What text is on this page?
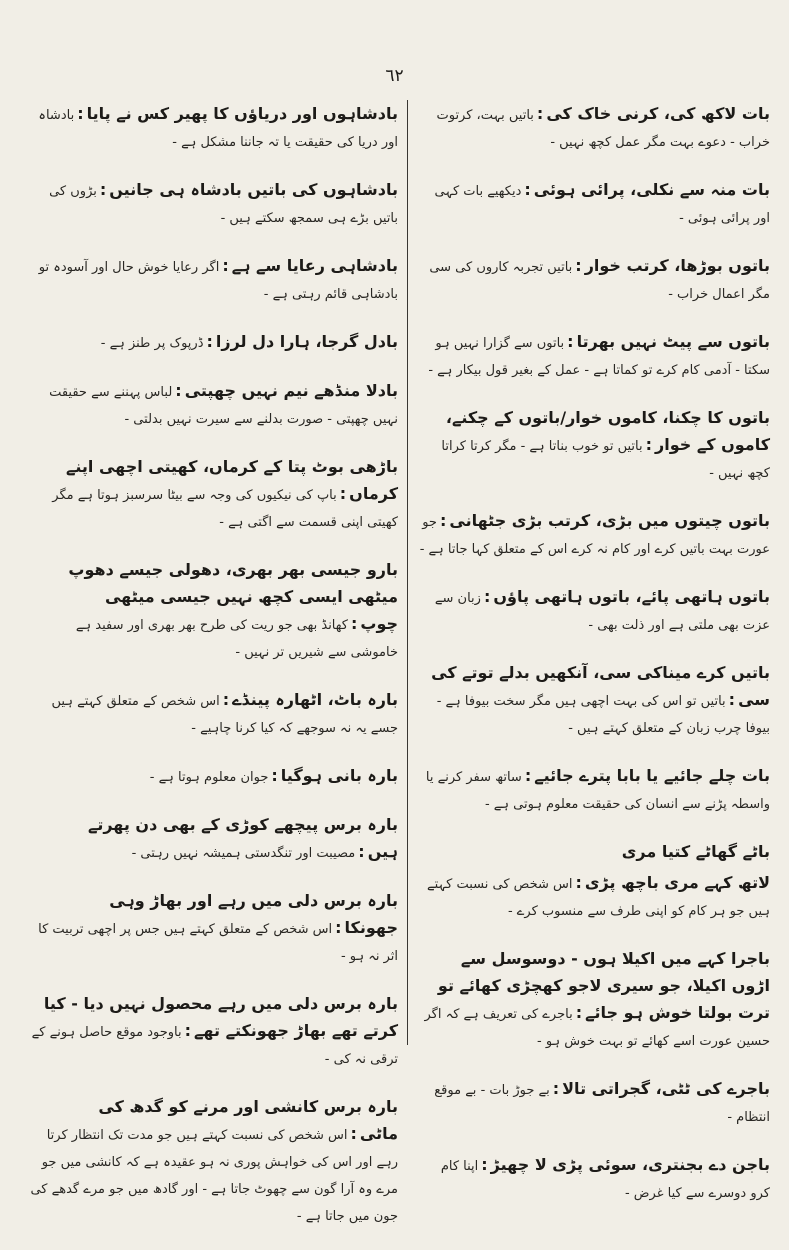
٦٢

بات لاکھ کی، کرنی خاک کی:باتیں بہت، کرتوت خراب - دعوے بہت مگر عمل کچھ نہیں -

بات منہ سے نکلی، پرائی ہوئی:دیکھیے بات کہی اور پرائی ہوئی -

باتوں بوڑھا، کرتب خوار:باتیں تجربہ کاروں کی سی مگر اعمال خراب -

باتوں سے پیٹ نہیں بھرتا:باتوں سے گزارا نہیں ہو سکتا - آدمی کام کرے تو کماتا ہے - عمل کے بغیر قول بیکار ہے -

باتوں کا چکنا، کاموں خوار/باتوں کے چکنے، کاموں کے خوار:باتیں تو خوب بناتا ہے - مگر کرتا کراتا کچھ نہیں -

باتوں چیتوں میں بڑی، کرتب بڑی جٹھانی:جو عورت بہت باتیں کرے اور کام نہ کرے اس کے متعلق کہا جاتا ہے -

باتوں ہاتھی پائے، باتوں ہاتھی پاؤں:زبان سے عزت بھی ملتی ہے اور ذلت بھی -

باتیں کرے میناکی سی، آنکھیں بدلے توتے کی سی:باتیں تو اس کی بہت اچھی ہیں مگر سخت بیوفا ہے - بیوفا چرب زبان کے متعلق کہتے ہیں -

بات چلے جائیے یا بابا پترے جائیے:ساتھ سفر کرنے یا واسطہ پڑنے سے انسان کی حقیقت معلوم ہوتی ہے -

باٹے گھاٹے کتیا مری

لاتھ کہے مری باچھ پڑی:اس شخص کی نسبت کہتے ہیں جو ہر کام کو اپنی طرف سے منسوب کرے -

باجرا کہے میں اکیلا ہوں - دوسوسل سے اڑوں اکیلا، جو سیری لاجو کھچڑی کھائے تو ترت بولتا خوش ہو جائے:باجرے کی تعریف ہے کہ اگر حسین عورت اسے کھائے تو بہت خوش ہو -

باجرے کی ٹٹی، گجراتی تالا:بے جوڑ بات - بے موقع انتظام -

باجن دے بجنتری، سوئی پڑی لا چھیڑ:اپنا کام کرو دوسرے سے کیا غرض -

بادشاہوں اور دریاؤں کا پھیر کس نے پایا:بادشاہ اور دریا کی حقیقت یا تہ جاننا مشکل ہے -

بادشاہوں کی باتیں بادشاہ ہی جانیں:بڑوں کی باتیں بڑے ہی سمجھ سکتے ہیں -

بادشاہی رعایا سے ہے:اگر رعایا خوش حال اور آسودہ تو بادشاہی قائم رہتی ہے -

بادل گرجا، ہارا دل لرزا:ڈرپوک پر طنز ہے -

بادلا منڈھے نیم نہیں چھپتی:لباس پہننے سے حقیقت نہیں چھپتی - صورت بدلنے سے سیرت نہیں بدلتی -

باڑھی بوٹ پتا کے کرماں، کھیتی اچھی اپنے کرماں:باپ کی نیکیوں کی وجہ سے بیٹا سرسبز ہوتا ہے مگر کھیتی اپنی قسمت سے اگتی ہے -

بارو جیسی بھر بھری، دھولی جیسے دھوپ

میٹھی ایسی کچھ نہیں جیسی میٹھی چوپ:کھانڈ بھی جو ریت کی طرح بھر بھری اور سفید ہے خاموشی سے شیریں تر نہیں -

بارہ باٹ، اٹھارہ پینڈے:اس شخص کے متعلق کہتے ہیں جسے یہ نہ سوجھے کہ کیا کرنا چاہیے -

بارہ بانی ہوگیا:جوان معلوم ہوتا ہے -

بارہ برس پیچھے کوڑی کے بھی دن پھرتے ہیں:مصیبت اور تنگدستی ہمیشہ نہیں رہتی -

بارہ برس دلی میں رہے اور بھاڑ وہی جھونکا:اس شخص کے متعلق کہتے ہیں جس پر اچھی تربیت کا اثر نہ ہو -

بارہ برس دلی میں رہے محصول نہیں دیا - کیا کرتے تھے بھاڑ جھونکتے تھے:باوجود موقع حاصل ہونے کے ترقی نہ کی -

بارہ برس کانشی اور مرنے کو گدھ کی ماٹی:اس شخص کی نسبت کہتے ہیں جو مدت تک انتظار کرتا رہے اور اس کی خواہش پوری نہ ہو عقیدہ ہے کہ کانشی میں جو مرے وہ آرا گون سے چھوٹ جاتا ہے - اور گادھ میں جو مرے گدھے کی جون میں جاتا ہے -
